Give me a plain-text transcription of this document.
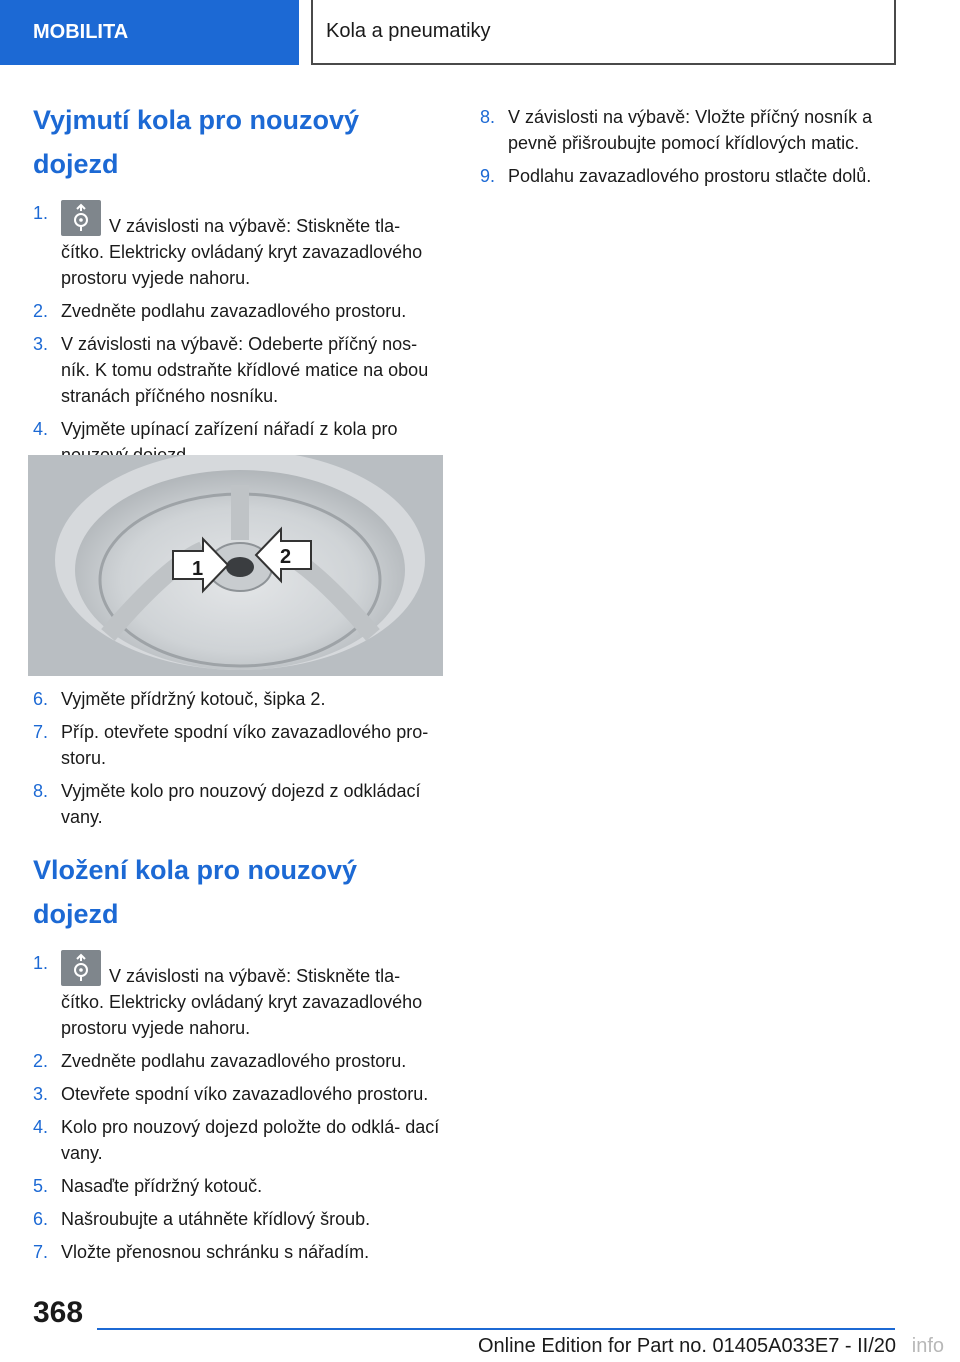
MOBILITA	Kola a pneumatiky
Vyjmutí kola pro nouzový dojezd
1.
V závislosti na výbavě: Stiskněte tla- čítko. Elektricky ovládaný kryt zavazadlového prostoru vyjede nahoru.
2. Zvedněte podlahu zavazadlového prostoru.
3. V závislosti na výbavě: Odeberte příčný nos- ník. K tomu odstraňte křídlové matice na obou stranách příčného nosníku.
4. Vyjměte upínací zařízení nářadí z kola pro
1
2
6. Vyjměte přídržný kotouč, šipka 2.
7. Příp. otevřete spodní víko zavazadlového pro- storu.
8. Vyjměte kolo pro nouzový dojezd z odkládací vany.
Vložení kola pro nouzový dojezd
1.
V závislosti na výbavě: Stiskněte tla- čítko. Elektricky ovládaný kryt zavazadlového prostoru vyjede nahoru.
2. Zvedněte podlahu zavazadlového prostoru.
3. Otevřete spodní víko zavazadlového prostoru.
4. Kolo pro nouzový dojezd položte do odklá- dací vany.
5. Nasaďte přídržný kotouč.
6. Našroubujte a utáhněte křídlový šroub.
7. Vložte přenosnou schránku s nářadím.
8. V závislosti na výbavě: Vložte příčný nosník a pevně přišroubujte pomocí křídlových matic.
9. Podlahu zavazadlového prostoru stlačte dolů.
368
Online Edition for Part no. 01405A033E7 - II/20 info
